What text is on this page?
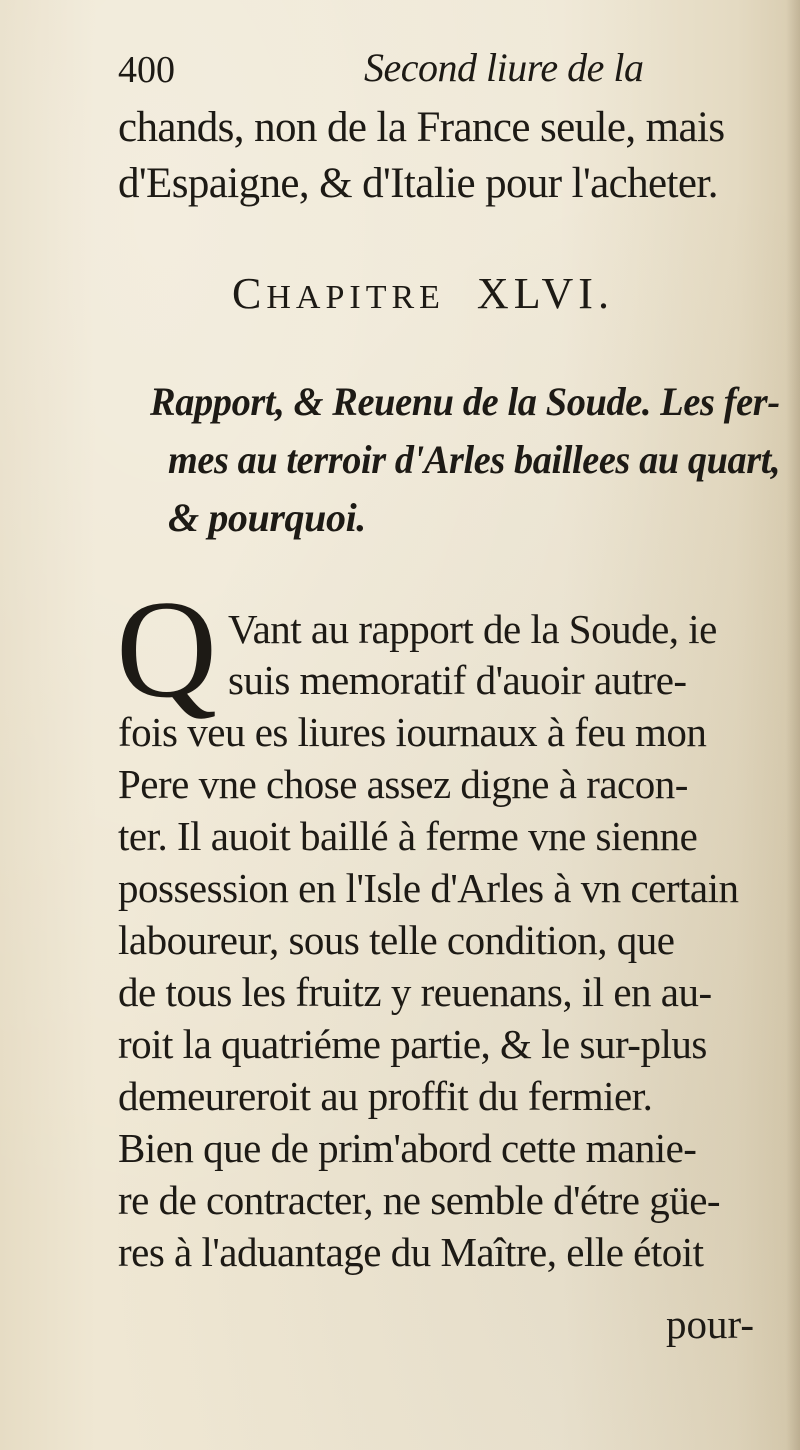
400	Second liure de la
chands, non de la France seule, mais
d'Espaigne, & d'Italie pour l'acheter.
CHAPITRE XLVI.
Rapport, & Reuenu de la Soude. Les fer-
mes au terroir d'Arles baillees au quart,
& pourquoi.
Q Vant au rapport de la Soude, ie
suis memoratif d'auoir autre-
fois veu es liures iournaux à feu mon
Pere vne chose assez digne à racon-
ter. Il auoit baillé à ferme vne sienne
possession en l'Isle d'Arles à vn certain
laboureur, sous telle condition, que
de tous les fruitz y reuenans, il en au-
roit la quatriéme partie, & le sur-plus
demeureroit au proffit du fermier.
Bien que de prim'abord cette manie-
re de contracter, ne semble d'étre güe-
res à l'aduantage du Maître, elle étoit
pour-
